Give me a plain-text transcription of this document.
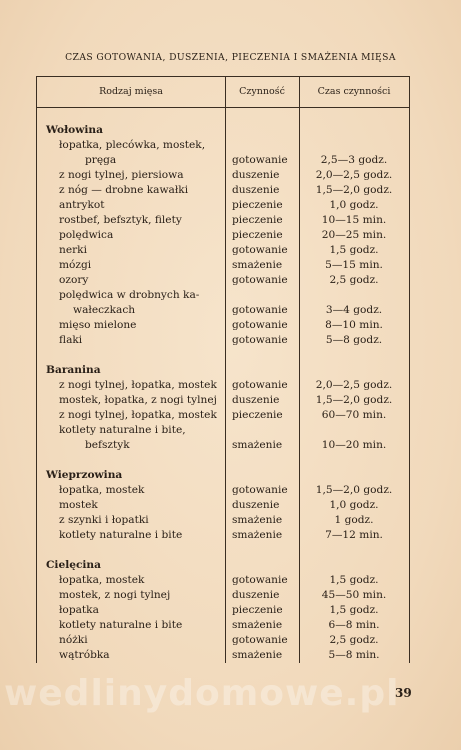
CZAS GOTOWANIA, DUSZENIA, PIECZENIA I SMAŻENIA MIĘSA
Rodzaj mięsa	Czynność	Czas czynności
Wołowina
łopatka, plecówka, mostek,
pręga	gotowanie	2,5—3 godz.
z nogi tylnej, piersiowa	duszenie	2,0—2,5 godz.
z nóg — drobne kawałki	duszenie	1,5—2,0 godz.
antrykot	pieczenie	1,0 godz.
rostbef, befsztyk, filety	pieczenie	10—15 min.
polędwica	pieczenie	20—25 min.
nerki	gotowanie	1,5 godz.
mózgi	smażenie	5—15 min.
ozory	gotowanie	2,5 godz.
polędwica w drobnych ka-
wałeczkach	gotowanie	3—4 godz.
mięso mielone	gotowanie	8—10 min.
flaki	gotowanie	5—8 godz.
Baranina
z nogi tylnej, łopatka, mostek	gotowanie	2,0—2,5 godz.
mostek, łopatka, z nogi tylnej	duszenie	1,5—2,0 godz.
z nogi tylnej, łopatka, mostek	pieczenie	60—70 min.
kotlety naturalne i bite,
befsztyk	smażenie	10—20 min.
Wieprzowina
łopatka, mostek	gotowanie	1,5—2,0 godz.
mostek	duszenie	1,0 godz.
z szynki i łopatki	smażenie	1 godz.
kotlety naturalne i bite	smażenie	7—12 min.
Cielęcina
łopatka, mostek	gotowanie	1,5 godz.
mostek, z nogi tylnej	duszenie	45—50 min.
łopatka	pieczenie	1,5 godz.
kotlety naturalne i bite	smażenie	6—8 min.
nóżki	gotowanie	2,5 godz.
wątróbka	smażenie	5—8 min.
wedlinydomowe.pl
39
